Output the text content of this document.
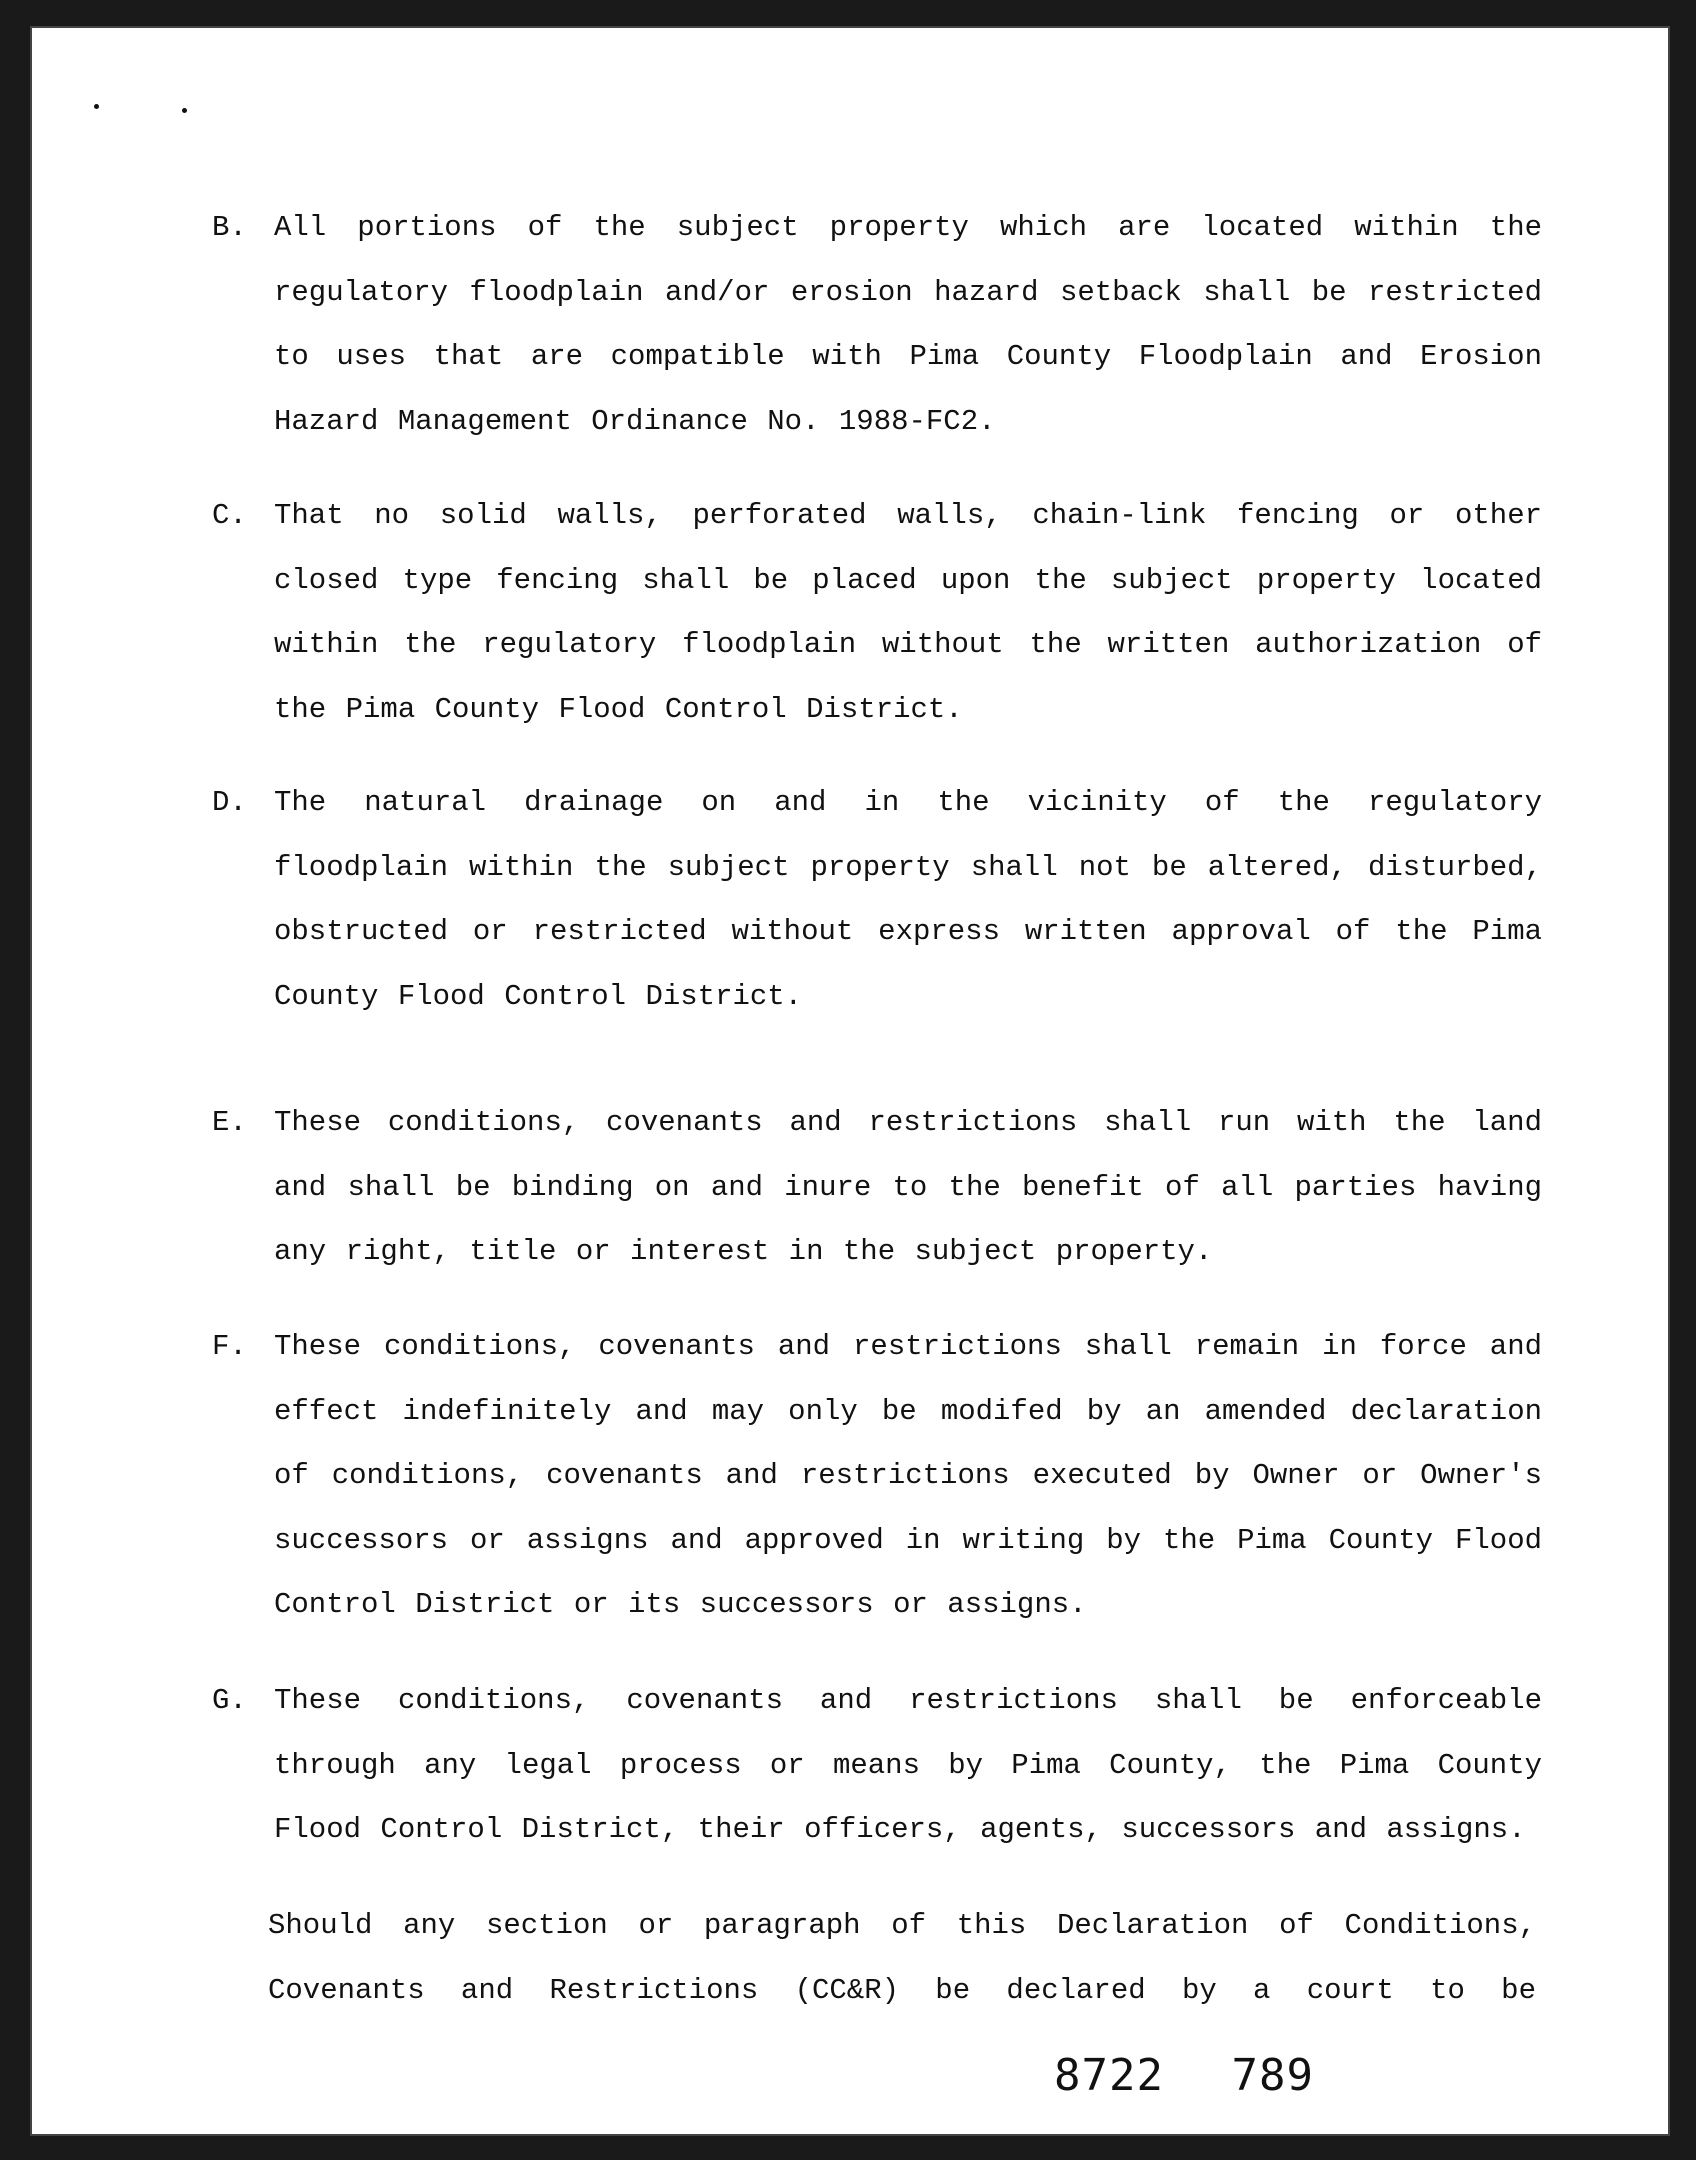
B. All portions of the subject property which are located within the regulatory floodplain and/or erosion hazard setback shall be restricted to uses that are compatible with Pima County Floodplain and Erosion Hazard Management Ordinance No. 1988-FC2.
C. That no solid walls, perforated walls, chain-link fencing or other closed type fencing shall be placed upon the subject property located within the regulatory floodplain without the written authorization of the Pima County Flood Control District.
D. The natural drainage on and in the vicinity of the regulatory floodplain within the subject property shall not be altered, disturbed, obstructed or restricted without express written approval of the Pima County Flood Control District.
E. These conditions, covenants and restrictions shall run with the land and shall be binding on and inure to the benefit of all parties having any right, title or interest in the subject property.
F. These conditions, covenants and restrictions shall remain in force and effect indefinitely and may only be modifed by an amended declaration of conditions, covenants and restrictions executed by Owner or Owner's successors or assigns and approved in writing by the Pima County Flood Control District or its successors or assigns.
G. These conditions, covenants and restrictions shall be enforceable through any legal process or means by Pima County, the Pima County Flood Control District, their officers, agents, successors and assigns.
Should any section or paragraph of this Declaration of Conditions, Covenants and Restrictions (CC&R) be declared by a court to be
8722 789
